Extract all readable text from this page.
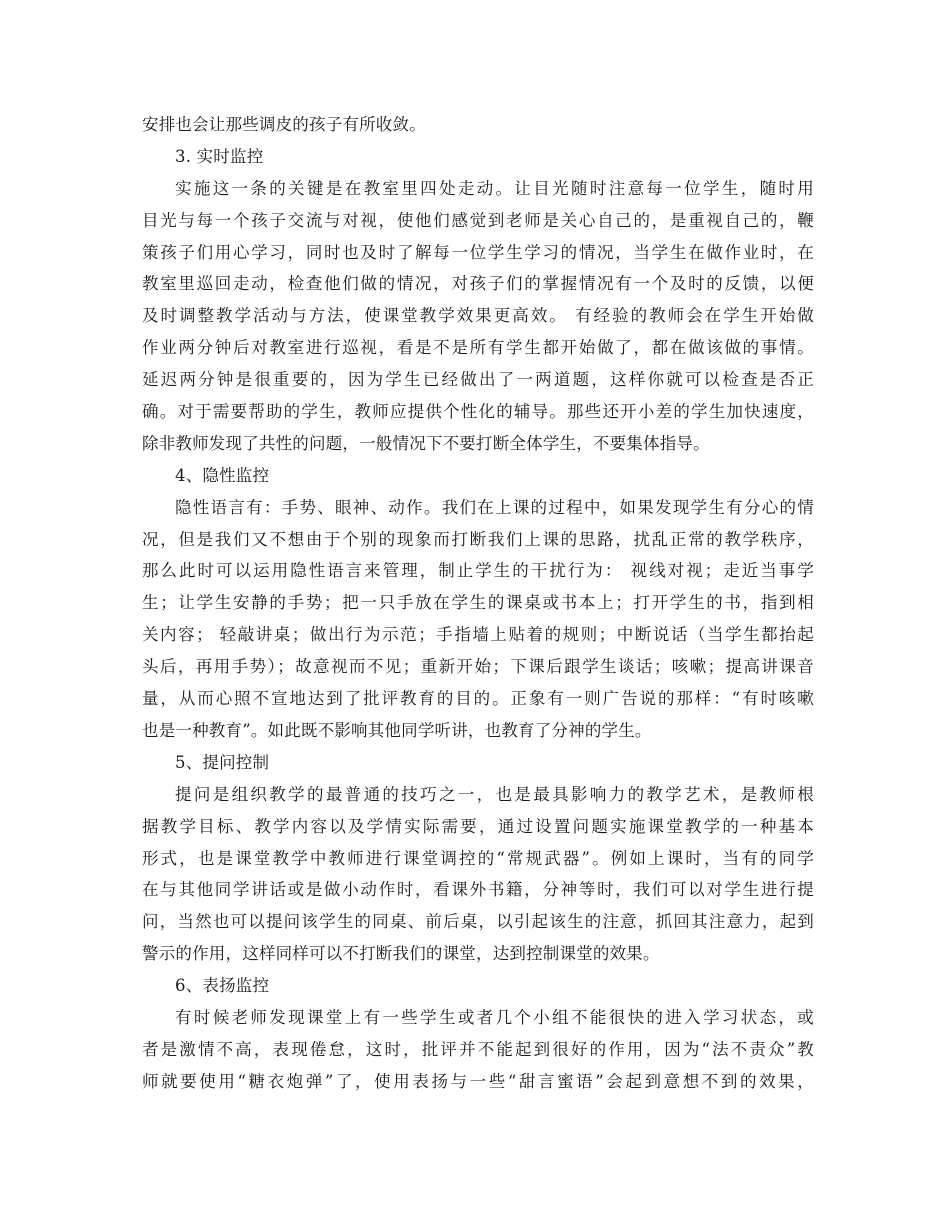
安排也会让那些调皮的孩子有所收敛。
3. 实时监控
实施这一条的关键是在教室里四处走动。让目光随时注意每一位学生，随时用
目光与每一个孩子交流与对视，使他们感觉到老师是关心自己的，是重视自己的，鞭
策孩子们用心学习，同时也及时了解每一位学生学习的情况，当学生在做作业时，在
教室里巡回走动，检查他们做的情况，对孩子们的掌握情况有一个及时的反馈，以便
及时调整教学活动与方法，使课堂教学效果更高效。 有经验的教师会在学生开始做
作业两分钟后对教室进行巡视，看是不是所有学生都开始做了，都在做该做的事情。
延迟两分钟是很重要的，因为学生已经做出了一两道题，这样你就可以检查是否正
确。对于需要帮助的学生，教师应提供个性化的辅导。那些还开小差的学生加快速度，
除非教师发现了共性的问题，一般情况下不要打断全体学生，不要集体指导。
4、隐性监控
隐性语言有：手势、眼神、动作。我们在上课的过程中，如果发现学生有分心的情
况，但是我们又不想由于个别的现象而打断我们上课的思路，扰乱正常的教学秩序，
那么此时可以运用隐性语言来管理，制止学生的干扰行为： 视线对视；走近当事学
生；让学生安静的手势；把一只手放在学生的课桌或书本上；打开学生的书，指到相
关内容； 轻敲讲桌；做出行为示范；手指墙上贴着的规则；中断说话（当学生都抬起
头后，再用手势）；故意视而不见；重新开始；下课后跟学生谈话；咳嗽；提高讲课音
量，从而心照不宣地达到了批评教育的目的。正象有一则广告说的那样：“有时咳嗽
也是一种教育”。如此既不影响其他同学听讲，也教育了分神的学生。
5、提问控制
提问是组织教学的最普通的技巧之一，也是最具影响力的教学艺术，是教师根
据教学目标、教学内容以及学情实际需要，通过设置问题实施课堂教学的一种基本
形式，也是课堂教学中教师进行课堂调控的“常规武器”。例如上课时，当有的同学
在与其他同学讲话或是做小动作时，看课外书籍，分神等时，我们可以对学生进行提
问，当然也可以提问该学生的同桌、前后桌，以引起该生的注意，抓回其注意力，起到
警示的作用，这样同样可以不打断我们的课堂，达到控制课堂的效果。
6、表扬监控
有时候老师发现课堂上有一些学生或者几个小组不能很快的进入学习状态，或
者是激情不高，表现倦怠，这时，批评并不能起到很好的作用，因为“法不责众”教
师就要使用“糖衣炮弹”了，使用表扬与一些“甜言蜜语”会起到意想不到的效果，
